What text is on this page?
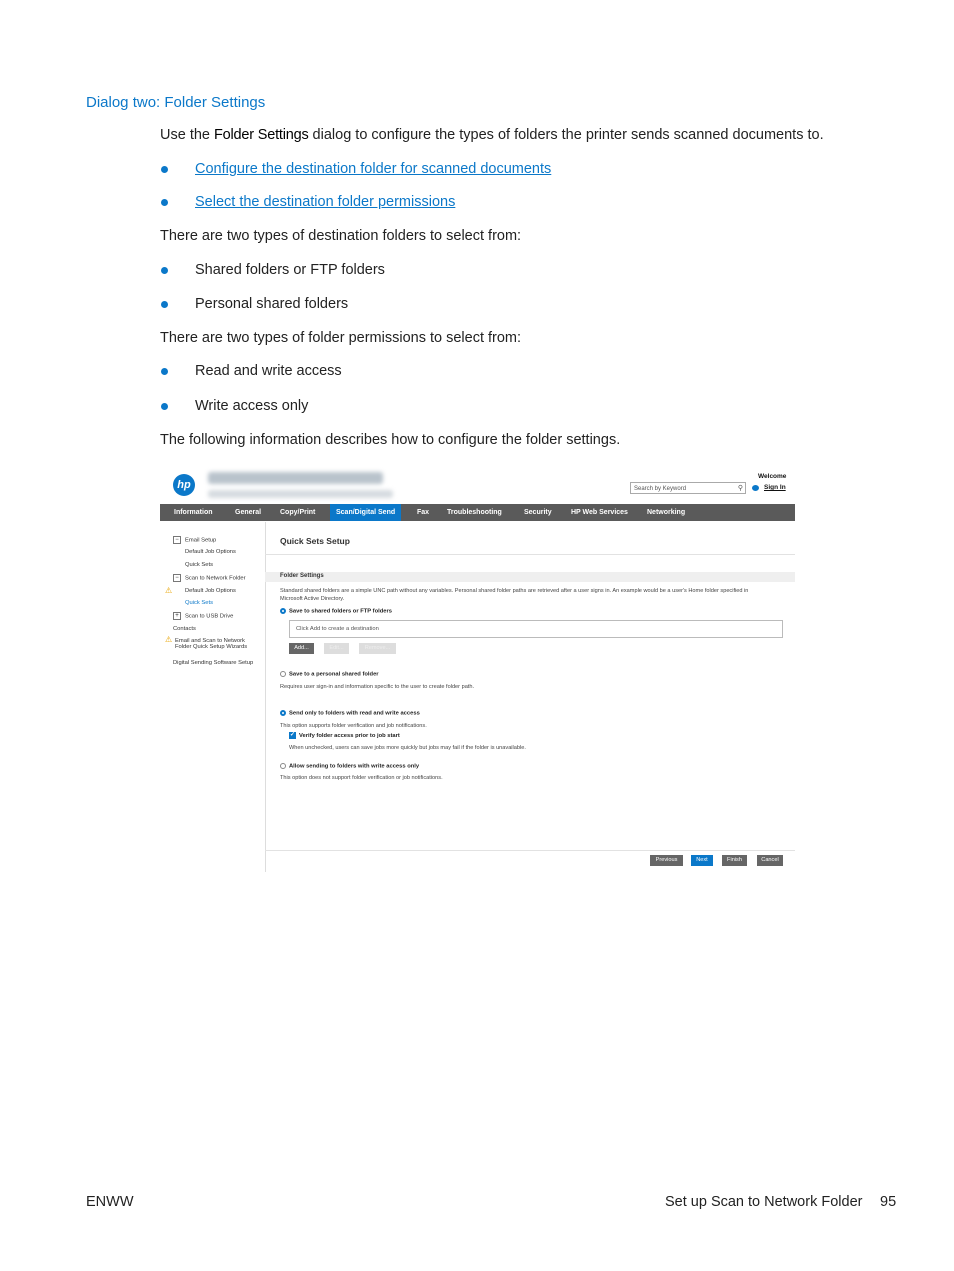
Dialog two: Folder Settings
Use the Folder Settings dialog to configure the types of folders the printer sends scanned documents to.
Configure the destination folder for scanned documents
Select the destination folder permissions
There are two types of destination folders to select from:
Shared folders or FTP folders
Personal shared folders
There are two types of folder permissions to select from:
Read and write access
Write access only
The following information describes how to configure the folder settings.
hp	Search by Keyword	⚲
Welcome
Sign In
Information	General	Copy/Print	Scan/Digital Send	Fax	Troubleshooting	Security	HP Web Services	Networking
− Email Setup
Default Job Options
Quick Sets
− Scan to Network Folder
⚠ Default Job Options
Quick Sets
+ Scan to USB Drive
Contacts
⚠ Email and Scan to Network
Folder Quick Setup Wizards
Digital Sending Software Setup
Quick Sets Setup
Folder Settings
Standard shared folders are a simple UNC path without any variables. Personal shared folder paths are retrieved after a user signs in. An example would be a user's Home folder specified in
Microsoft Active Directory.
Save to shared folders or FTP folders
Click Add to create a destination
Add...	Edit...	Remove...
Save to a personal shared folder
Requires user sign-in and information specific to the user to create folder path.
Send only to folders with read and write access
This option supports folder verification and job notifications.
✓ Verify folder access prior to job start
When unchecked, users can save jobs more quickly but jobs may fail if the folder is unavailable.
Allow sending to folders with write access only
This option does not support folder verification or job notifications.
Previous	Next	Finish	Cancel
ENWW	Set up Scan to Network Folder 95
